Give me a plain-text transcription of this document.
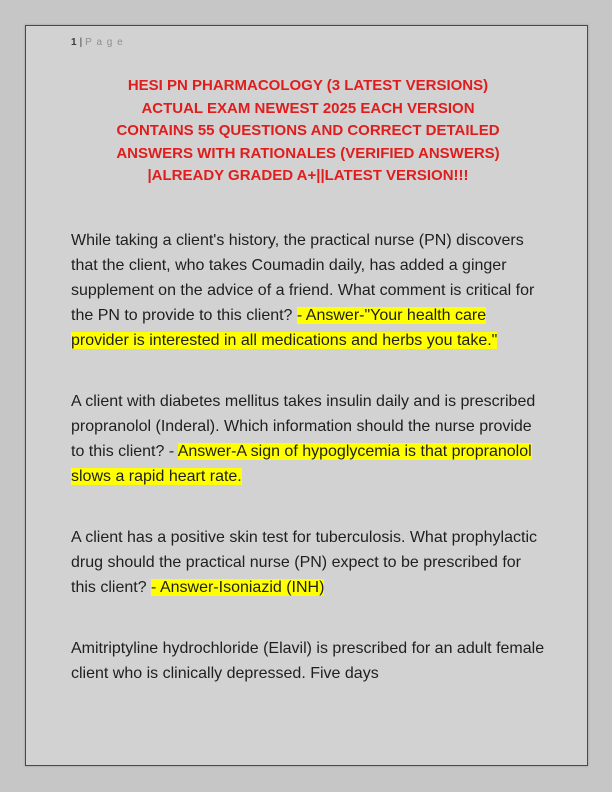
1 | P a g e
HESI PN PHARMACOLOGY (3 LATEST VERSIONS)
ACTUAL EXAM NEWEST 2025 EACH VERSION
CONTAINS 55 QUESTIONS AND CORRECT DETAILED
ANSWERS WITH RATIONALES (VERIFIED ANSWERS)
|ALREADY GRADED A+||LATEST VERSION!!!

While taking a client's history, the practical nurse (PN) discovers that the client, who takes Coumadin daily, has added a ginger supplement on the advice of a friend. What comment is critical for the PN to provide to this client? - Answer-"Your health care provider is interested in all medications and herbs you take."

A client with diabetes mellitus takes insulin daily and is prescribed propranolol (Inderal). Which information should the nurse provide to this client? - Answer-A sign of hypoglycemia is that propranolol slows a rapid heart rate.

A client has a positive skin test for tuberculosis. What prophylactic drug should the practical nurse (PN) expect to be prescribed for this client? - Answer-Isoniazid (INH)

Amitriptyline hydrochloride (Elavil) is prescribed for an adult female client who is clinically depressed. Five days
